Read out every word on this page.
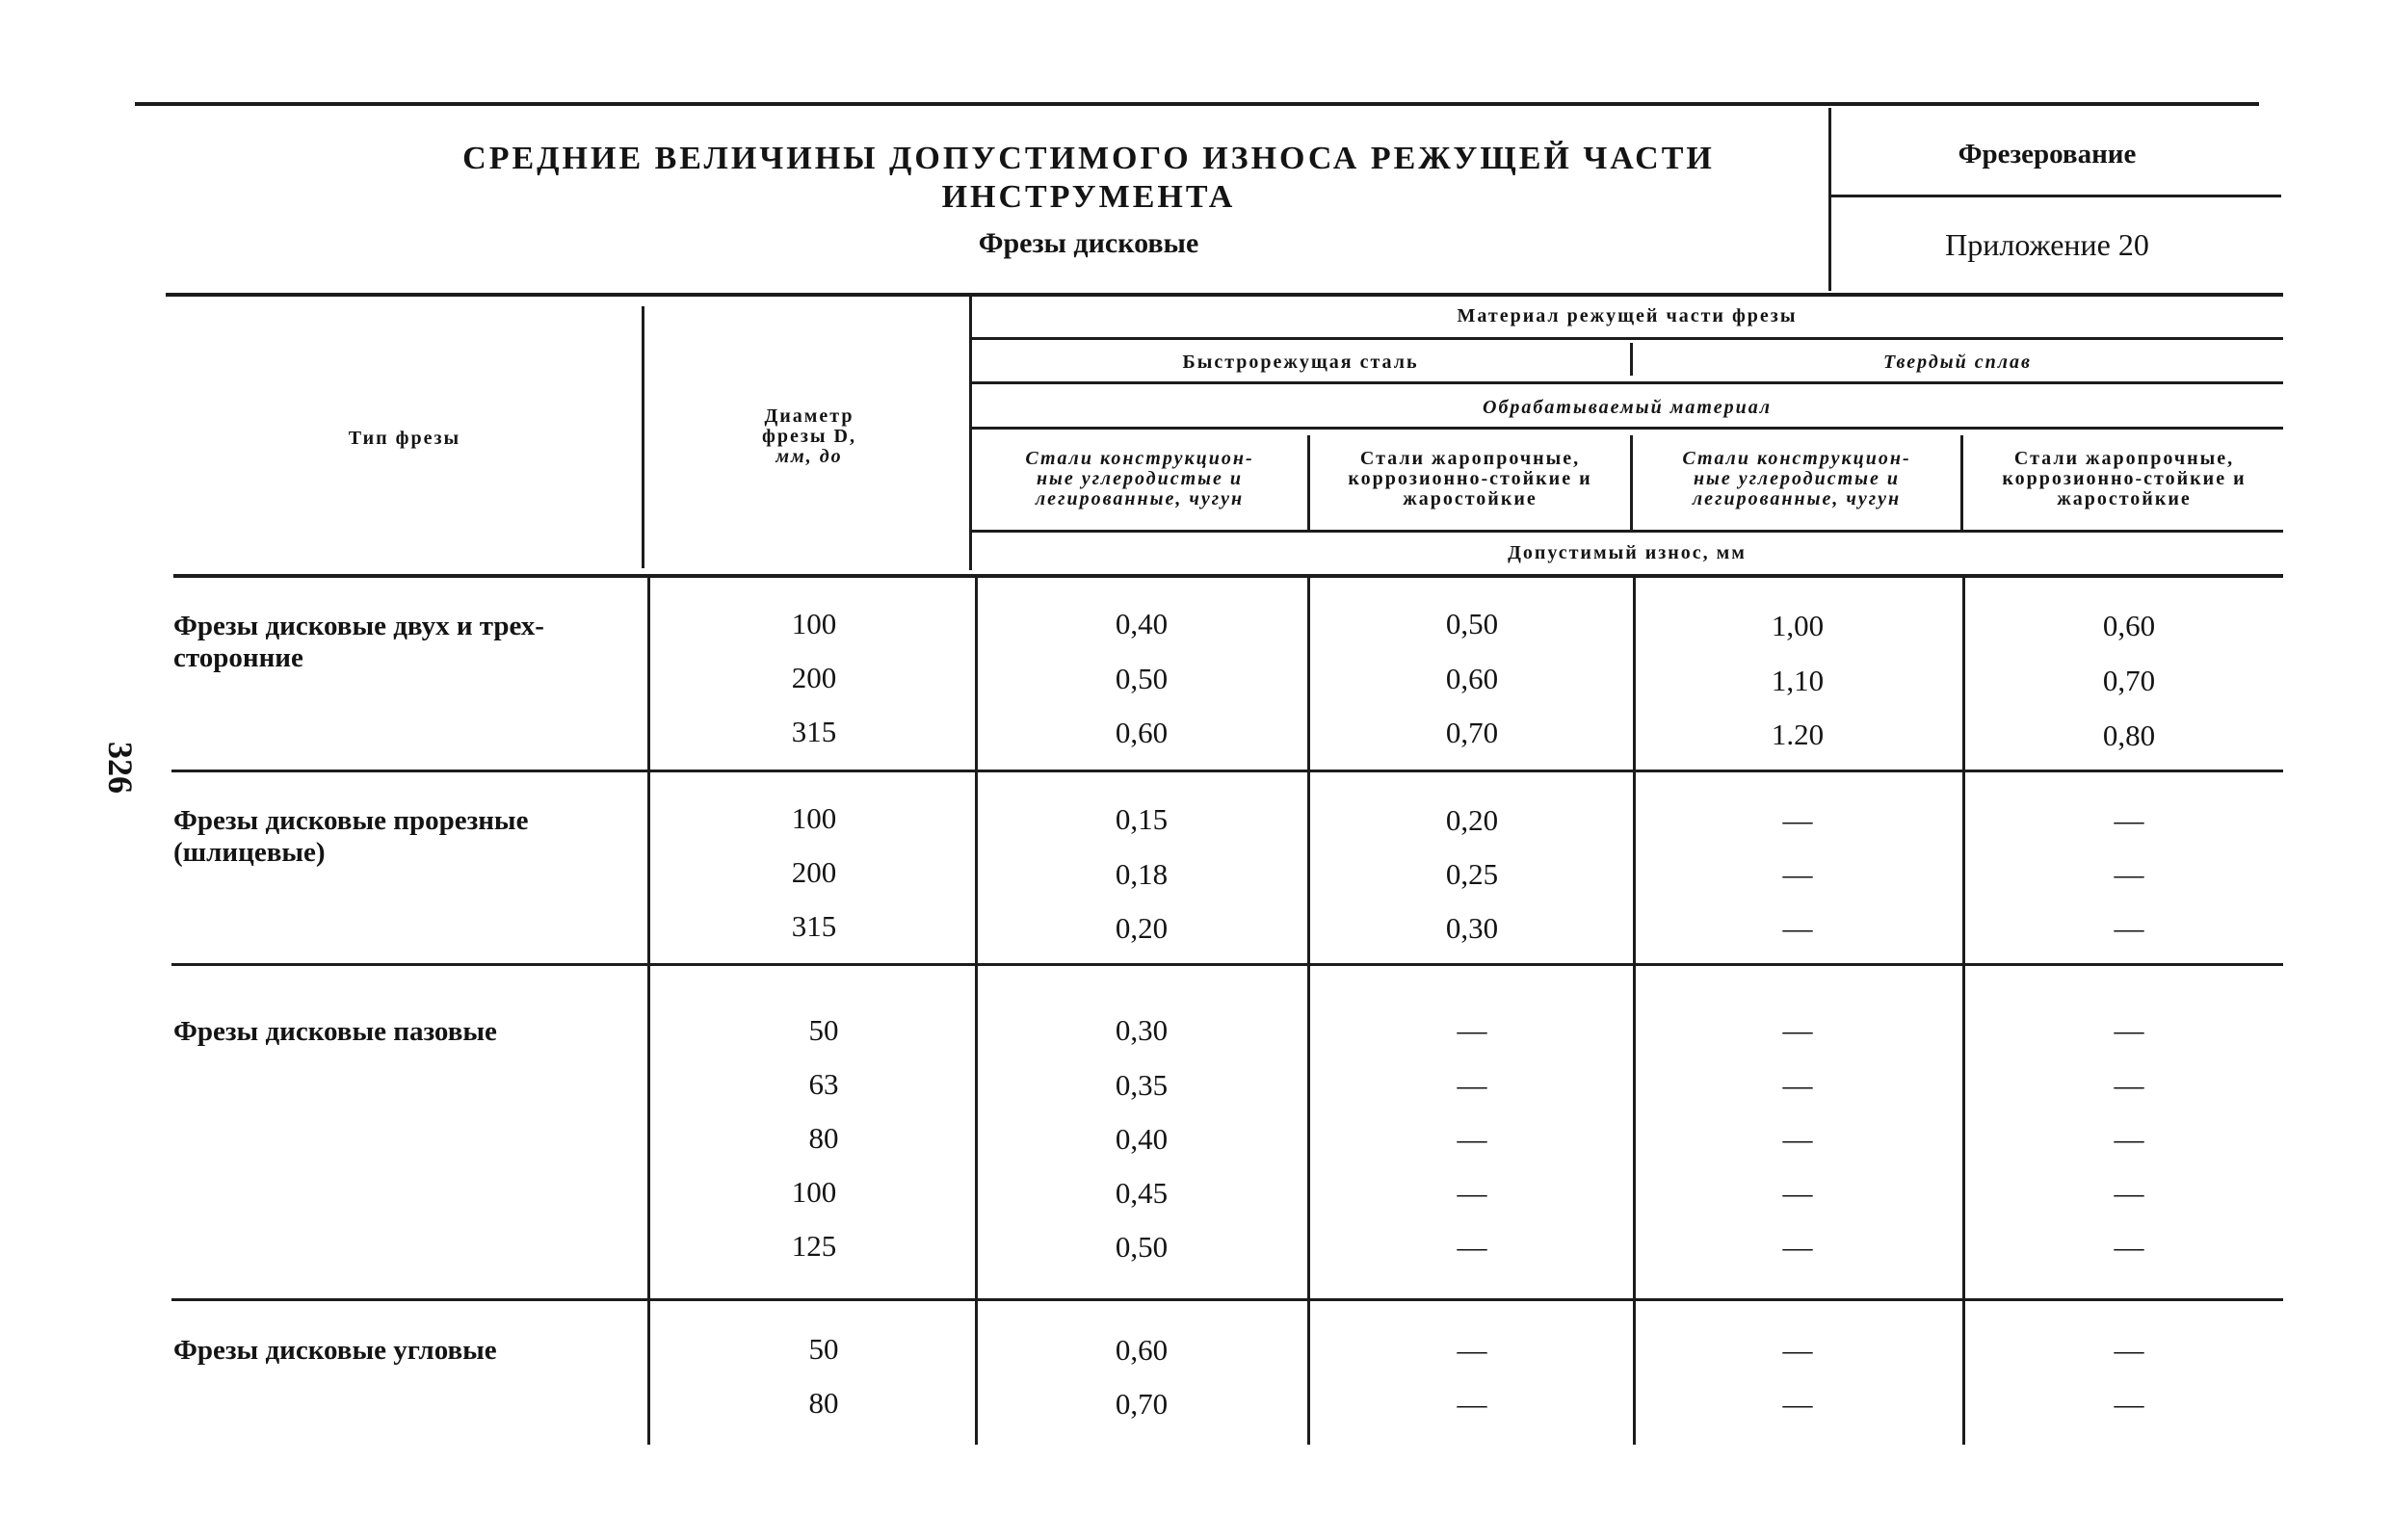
СРЕДНИЕ ВЕЛИЧИНЫ ДОПУСТИМОГО ИЗНОСА РЕЖУЩЕЙ ЧАСТИ
ИНСТРУМЕНТА
Фрезы дисковые
Фрезерование
Приложение 20
326
Тип фрезы
Диаметр
фрезы D,
мм, до
Материал режущей части фрезы
Быстрорежущая сталь	Твердый сплав
Обрабатываемый материал
Стали конструкцион-
ные углеродистые и
легированные, чугун
Стали жаропрочные,
коррозионно-стойкие и
жаростойкие
Стали конструкцион-
ные углеродистые и
легированные, чугун
Стали жаропрочные,
коррозионно-стойкие и
жаростойкие
Допустимый износ, мм
Фрезы дисковые двух и трех-
сторонние
100	0,40	0,50	1,00	0,60
200	0,50	0,60	1,10	0,70
315	0,60	0,70	1.20	0,80
Фрезы дисковые прорезные
(шлицевые)
100	0,15	0,20	—	—
200	0,18	0,25	—	—
315	0,20	0,30	—	—
Фрезы дисковые пазовые	50	0,30	—	—	—
63	0,35	—	—	—
80	0,40	—	—	—
100	0,45	—	—	—
125	0,50	—	—	—
Фрезы дисковые угловые	50	0,60	—	—	—
80	0,70	—	—	—
